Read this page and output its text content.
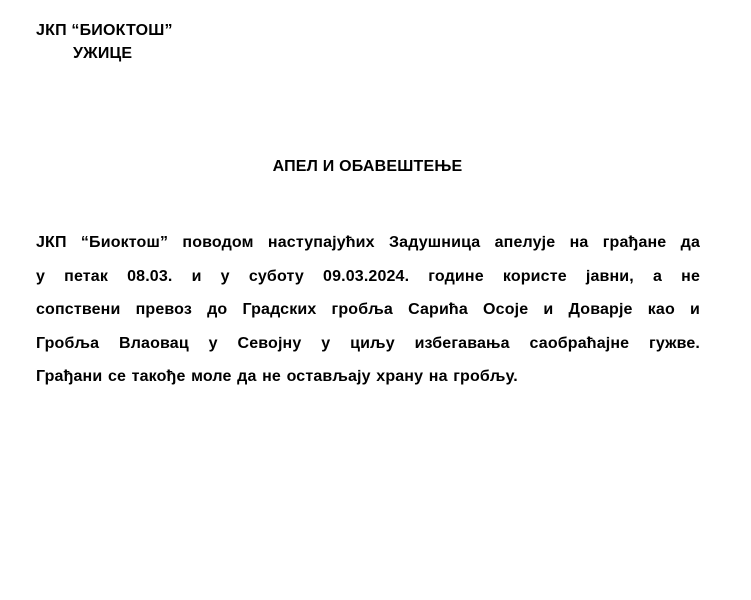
ЈКП “БИОКТОШ”
УЖИЦЕ
АПЕЛ И ОБАВЕШТЕЊЕ
ЈКП “Биоктош” поводом наступајућих Задушница апелује на грађане да
у петак 08.03. и у суботу 09.03.2024. године користе јавни, а не
сопствени превоз до Градских гробља Сарића Осоје и Доварје као и
Гробља Влаовац у Севојну у циљу избегавања саобраћајне гужве.
Грађани се такође моле да не остављају храну на гробљу.
